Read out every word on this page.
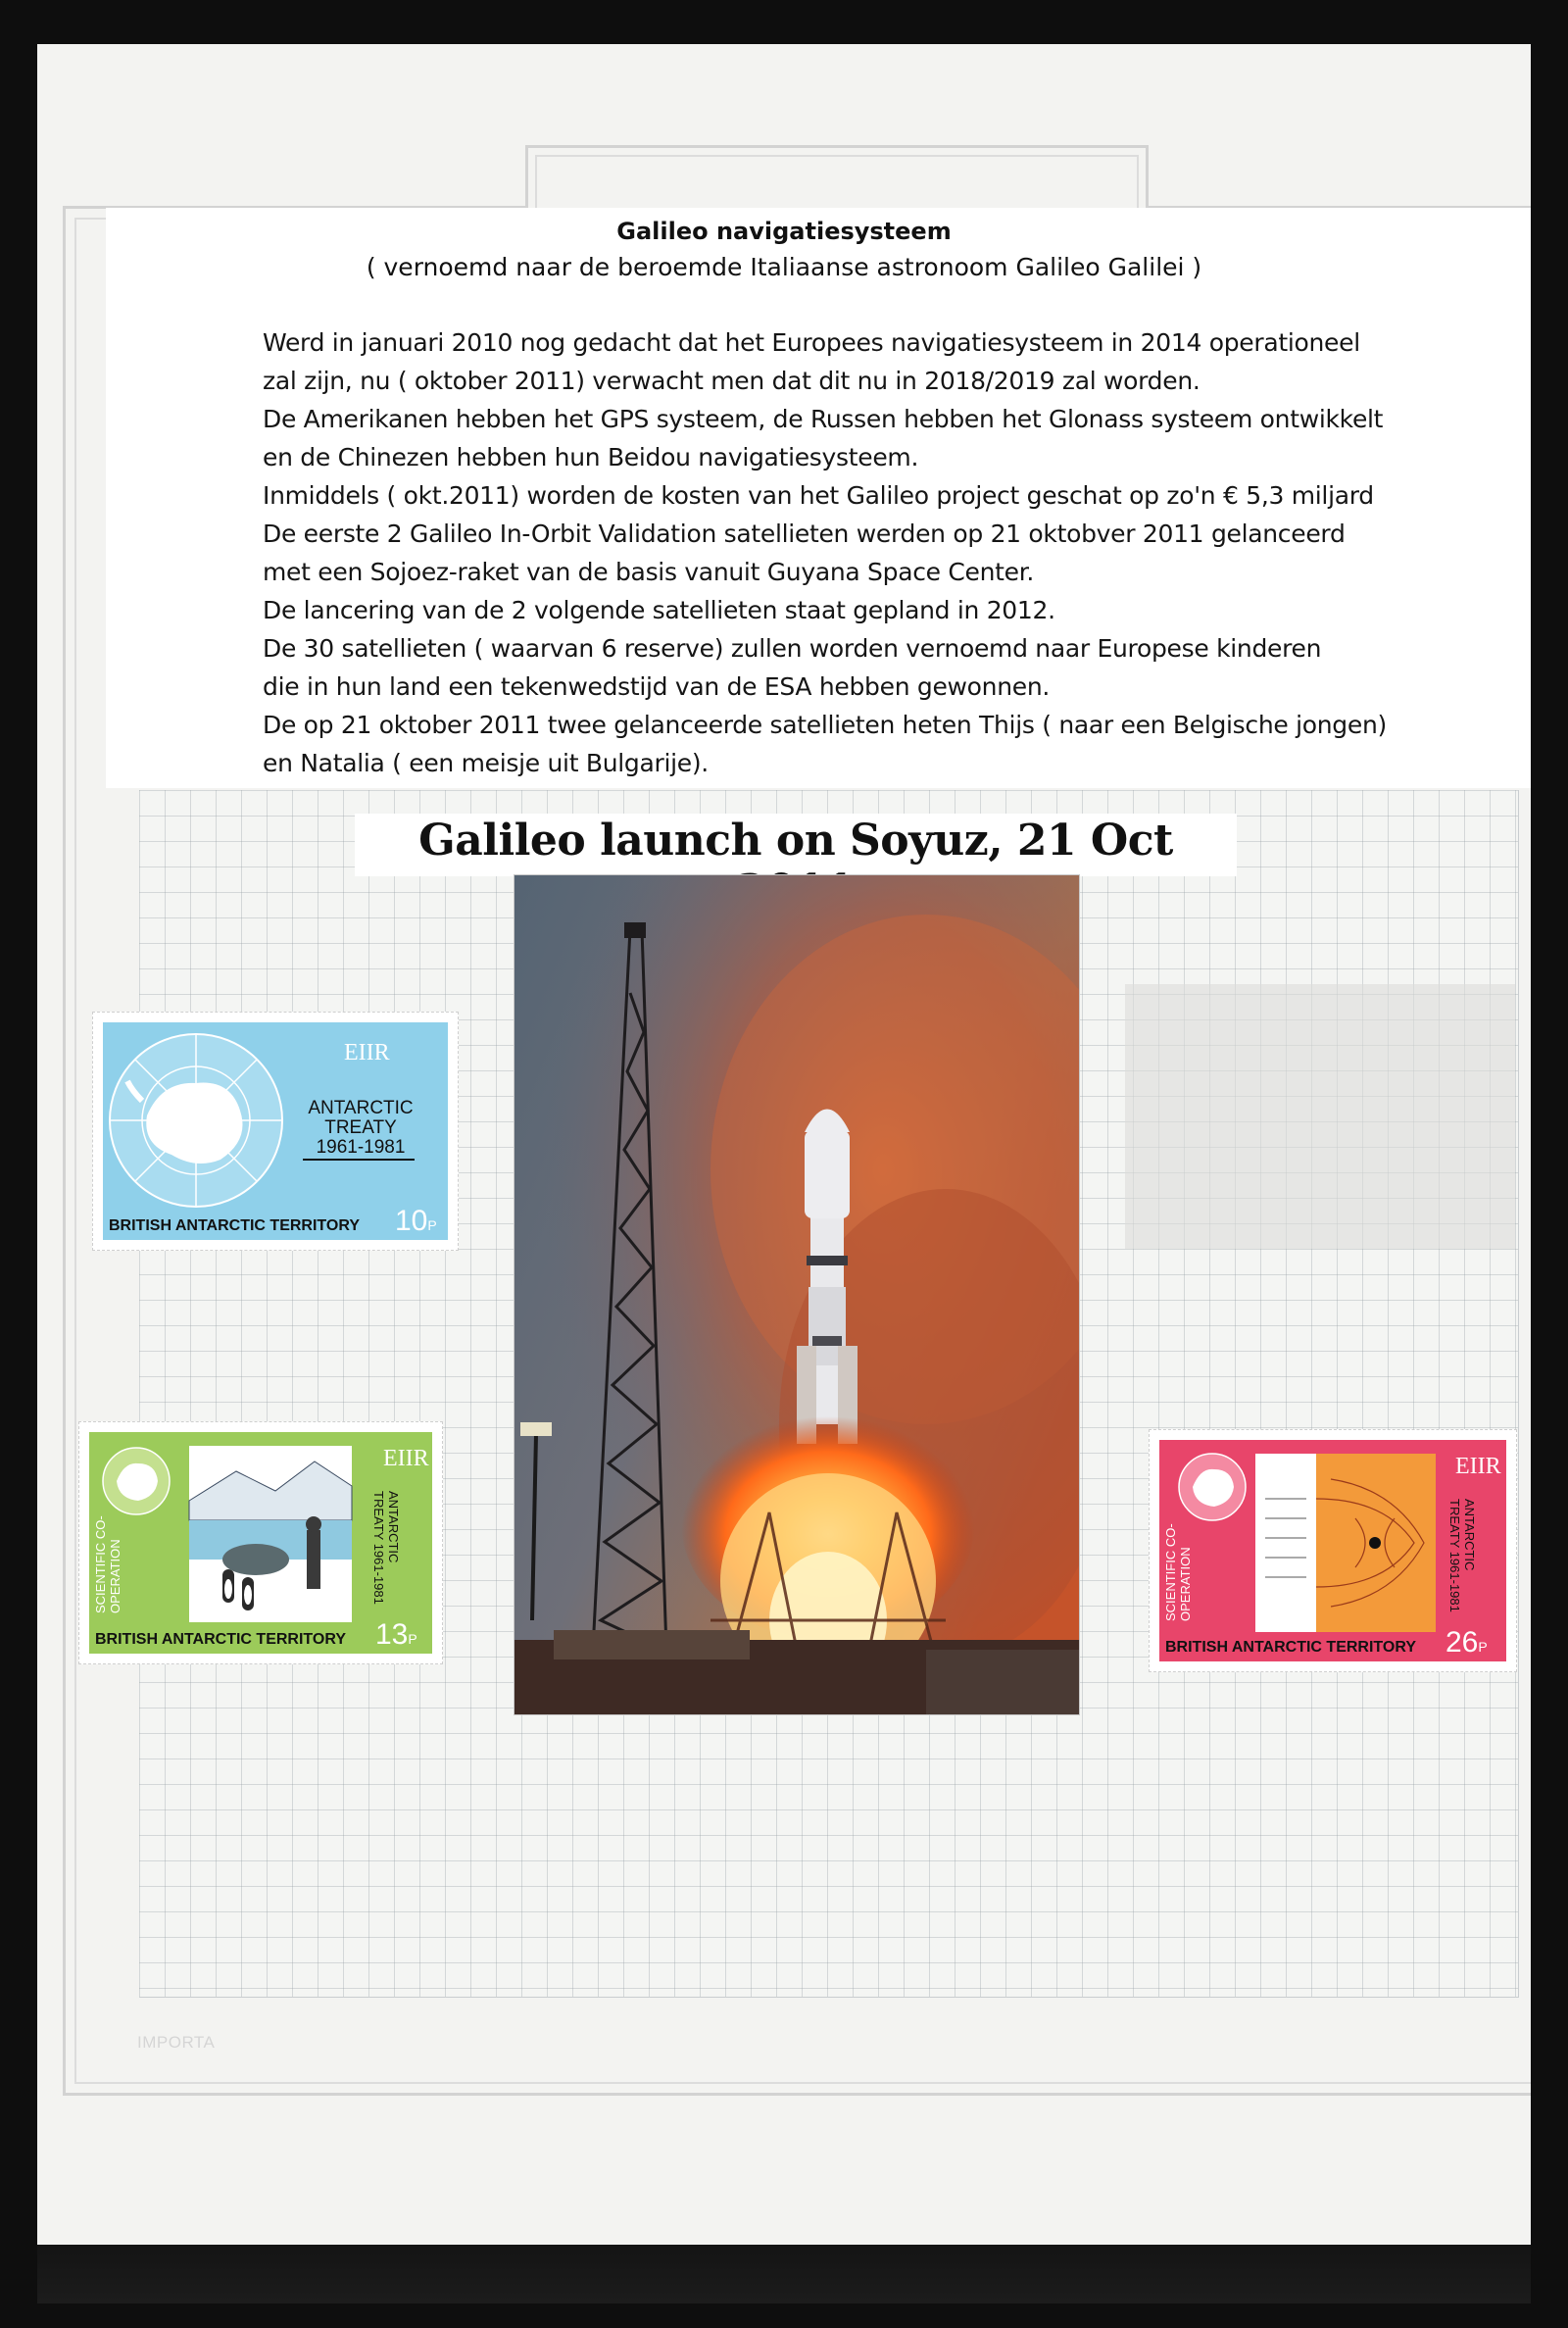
Galileo navigatiesysteem
( vernoemd naar de beroemde Italiaanse astronoom Galileo Galilei )
Werd in januari 2010 nog gedacht dat het Europees navigatiesysteem in 2014 operationeel
zal zijn, nu ( oktober 2011) verwacht men dat dit nu in 2018/2019 zal worden.
De Amerikanen hebben het GPS systeem, de Russen hebben het Glonass systeem ontwikkelt
en de Chinezen hebben hun Beidou navigatiesysteem.
Inmiddels ( okt.2011) worden de kosten van het Galileo project geschat op zo'n € 5,3 miljard
De eerste 2 Galileo In-Orbit Validation satellieten werden op 21 oktobver 2011 gelanceerd
met een Sojoez-raket van de basis vanuit Guyana Space Center.
De lancering van de 2 volgende satellieten staat gepland in 2012.
De 30 satellieten ( waarvan 6 reserve) zullen worden vernoemd naar Europese kinderen
die in hun land een tekenwedstijd van de ESA hebben gewonnen.
De op 21 oktober 2011 twee gelanceerde satellieten heten Thijs ( naar een Belgische jongen)
en Natalia ( een meisje uit Bulgarije).
Galileo launch on Soyuz, 21 Oct
EIIR
ANTARCTIC
TREATY
1961-1981
BRITISH ANTARCTIC TERRITORY 10P
EIIR
SCIENTIFIC CO-OPERATION
ANTARCTIC TREATY 1961-1981
BRITISH ANTARCTIC TERRITORY 13P
EIIR
SCIENTIFIC CO-OPERATION
ANTARCTIC TREATY 1961-1981
BRITISH ANTARCTIC TERRITORY 26P
IMPORTA
